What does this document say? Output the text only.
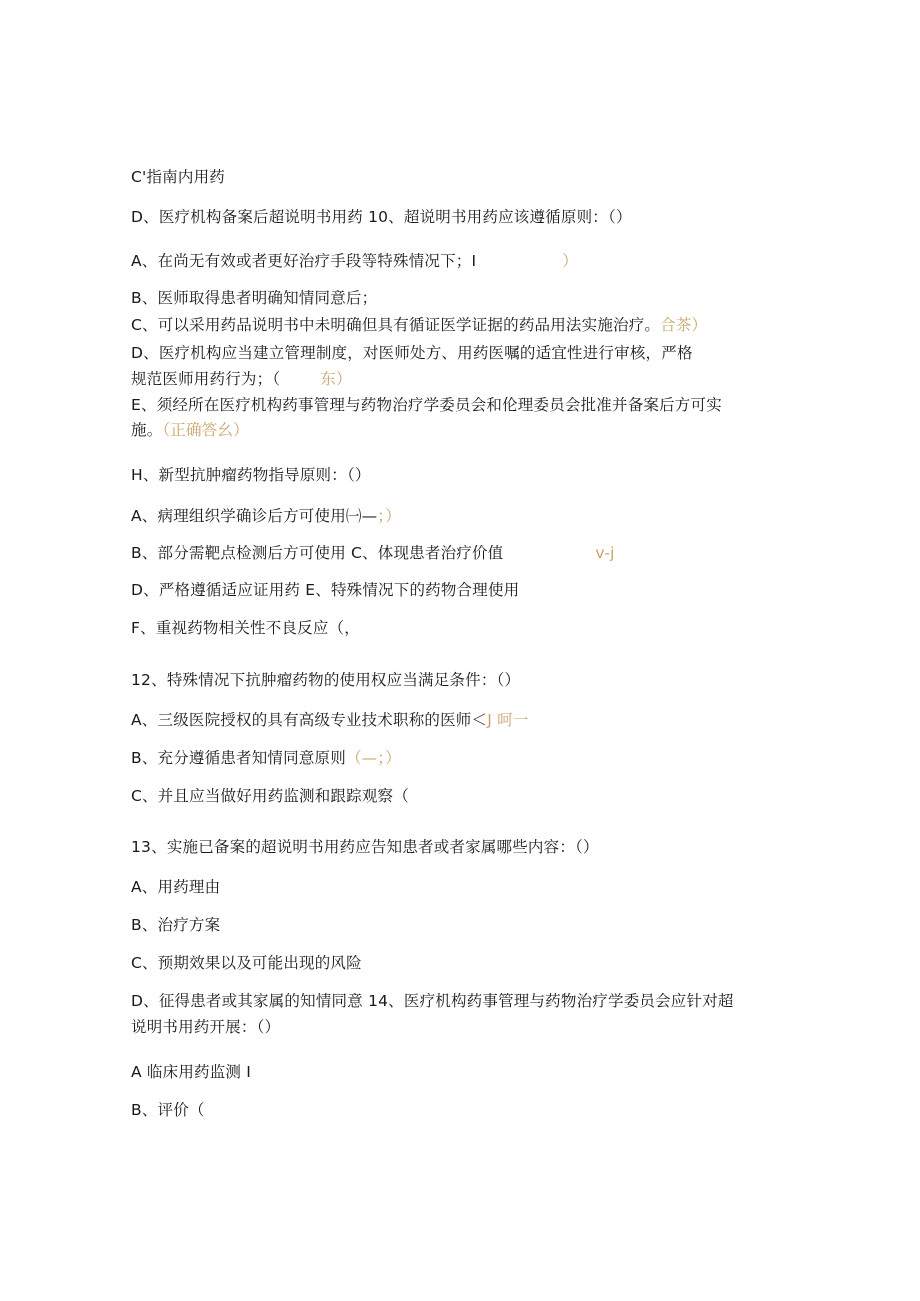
C'指南内用药
D、医疗机构备案后超说明书用药 10、超说明书用药应该遵循原则：（）
A、在尚无有效或者更好治疗手段等特殊情况下；I	）
B、医师取得患者明确知情同意后；
C、可以采用药品说明书中未明确但具有循证医学证据的药品用法实施治疗。合茶）
D、医疗机构应当建立管理制度，对医师处方、用药医嘱的适宜性进行审核，严格
规范医师用药行为；（	东）
E、须经所在医疗机构药事管理与药物治疗学委员会和伦理委员会批准并备案后方可实
施。（正确答幺）
H、新型抗肿瘤药物指导原则：（）
A、病理组织学确诊后方可使用㈠—；）
B、部分需靶点检测后方可使用 C、体现患者治疗价值	v-j
D、严格遵循适应证用药 E、特殊情况下的药物合理使用
F、重视药物相关性不良反应（，
12、特殊情况下抗肿瘤药物的使用权应当满足条件：（）
A、三级医院授权的具有高级专业技术职称的医师＜J 呵一
B、充分遵循患者知情同意原则（—；）
C、并且应当做好用药监测和跟踪观察（
13、实施已备案的超说明书用药应告知患者或者家属哪些内容：（）
A、用药理由
B、治疗方案
C、预期效果以及可能出现的风险
D、征得患者或其家属的知情同意 14、医疗机构药事管理与药物治疗学委员会应针对超
说明书用药开展：（）
A 临床用药监测 I
B、评价（
